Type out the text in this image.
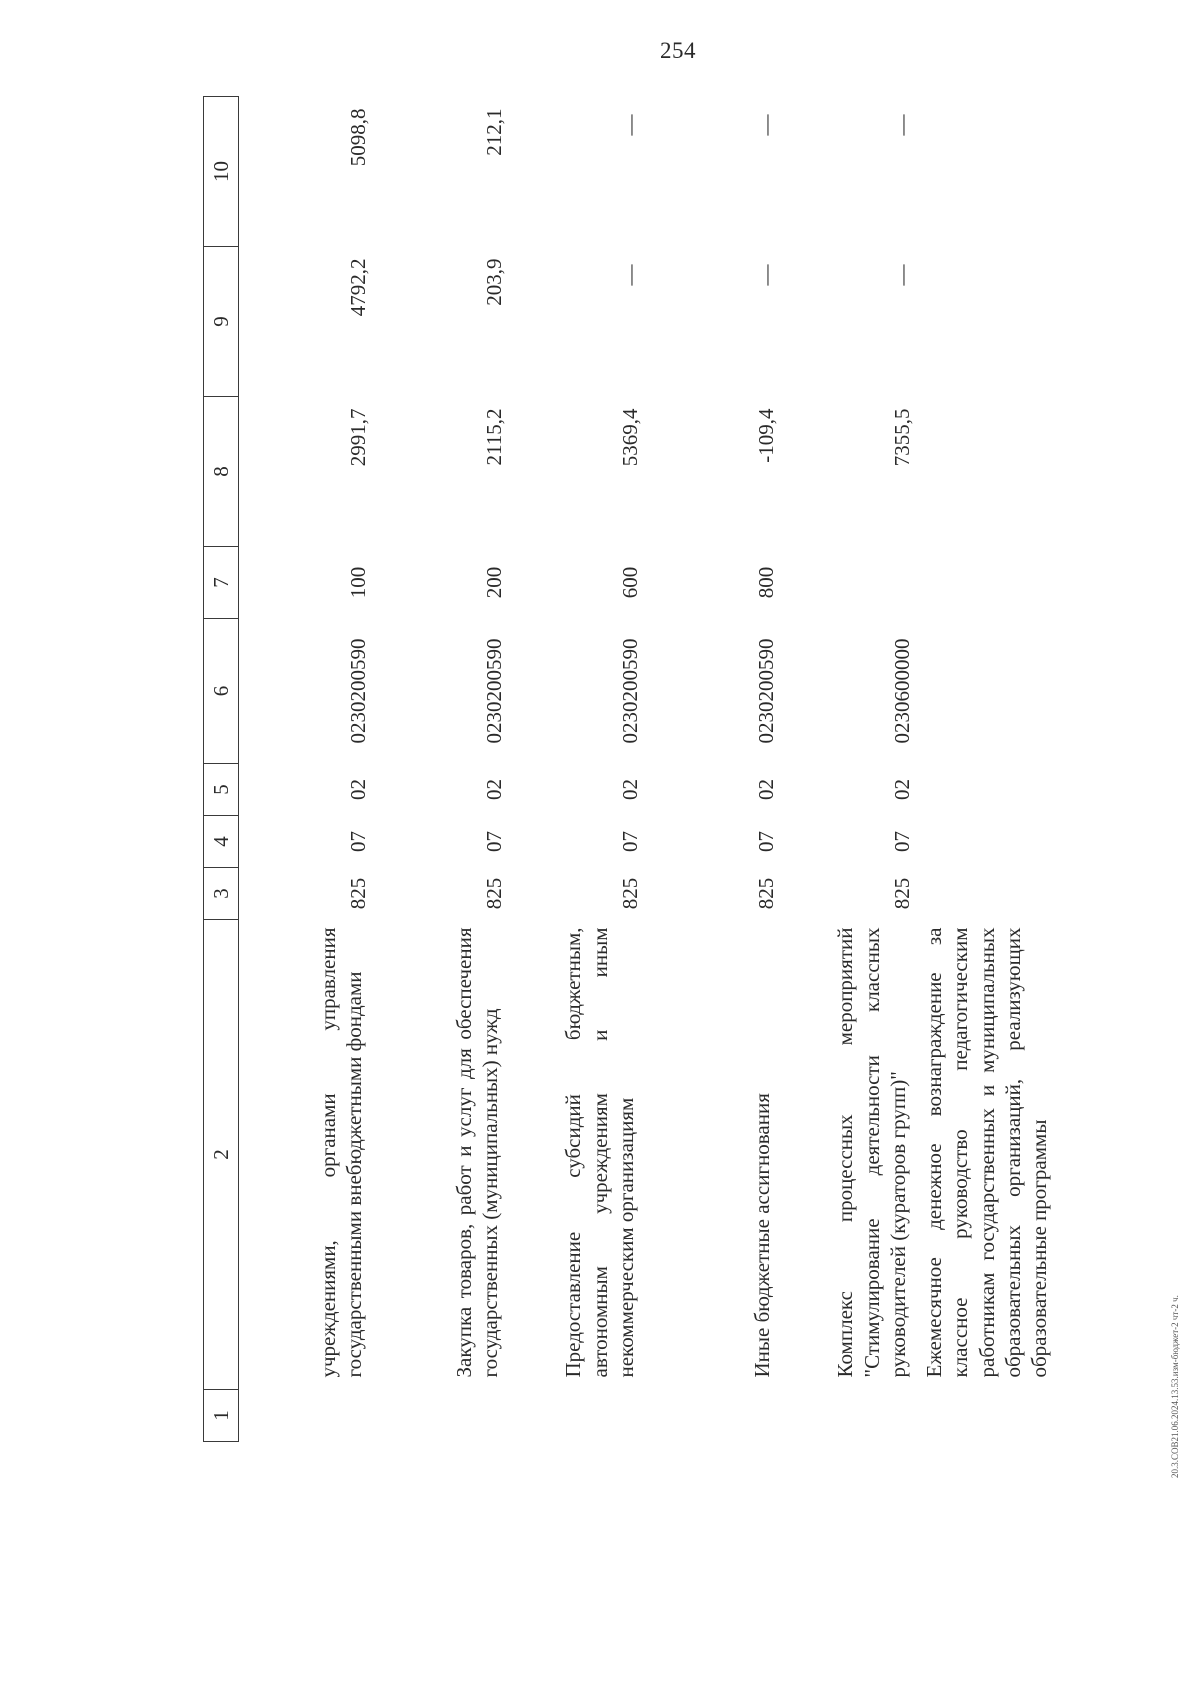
254
1	2	3	4	5	6	7	8	9	10
	учреждениями, органами управления государственными внебюджетными фондами	825	07	02	0230200590	100	2991,7	4792,2	5098,8
	Закупка товаров, работ и услуг для обеспечения государственных (муниципальных) нужд	825	07	02	0230200590	200	2115,2	203,9	212,1
	Предоставление субсидий бюджетным, автономным учреждениям и иным некоммерческим организациям	825	07	02	0230200590	600	5369,4	—	—
	Иные бюджетные ассигнования	825	07	02	0230200590	800	-109,4	—	—
	Комплекс процессных мероприятий "Стимулирование деятельности классных руководителей (кураторов групп)"	825	07	02	0230600000		7355,5	—	—
	Ежемесячное денежное вознаграждение за классное руководство педагогическим работникам государственных и муниципальных образовательных организаций, реализующих образовательные программы								
20.3.СОВ21.06.2024.13.53.изм-бюджет-2 чт-2 ч.
